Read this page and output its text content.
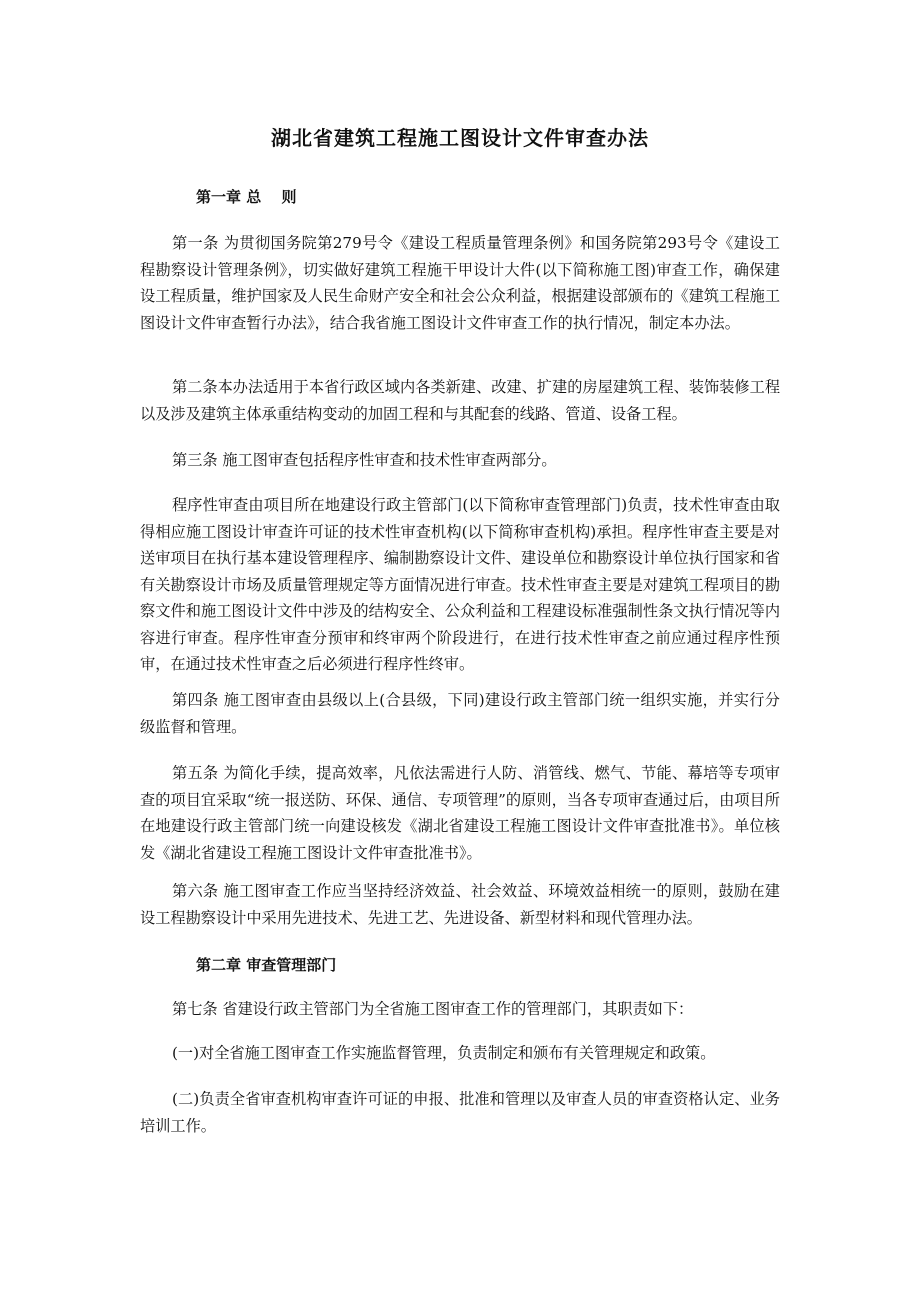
湖北省建筑工程施工图设计文件审查办法
第一章 总　 则

第一条 为贯彻国务院第279号令《建设工程质量管理条例》和国务院第293号令《建设工程勘察设计管理条例》，切实做好建筑工程施干甲设计大件(以下简称施工图)审查工作，确保建设工程质量，维护国家及人民生命财产安全和社会公众利益，根据建设部颁布的《建筑工程施工图设计文件审查暂行办法》，结合我省施工图设计文件审查工作的执行情况，制定本办法。

第二条本办法适用于本省行政区域内各类新建、改建、扩建的房屋建筑工程、装饰装修工程以及涉及建筑主体承重结构变动的加固工程和与其配套的线路、管道、设备工程。

第三条 施工图审查包括程序性审查和技术性审查两部分。

程序性审查由项目所在地建设行政主管部门(以下简称审查管理部门)负责，技术性审查由取得相应施工图设计审查许可证的技术性审查机构(以下简称审查机构)承担。程序性审查主要是对送审项目在执行基本建设管理程序、编制勘察设计文件、建设单位和勘察设计单位执行国家和省有关勘察设计市场及质量管理规定等方面情况进行审查。技术性审查主要是对建筑工程项目的勘察文件和施工图设计文件中涉及的结构安全、公众利益和工程建设标准强制性条文执行情况等内容进行审查。程序性审查分预审和终审两个阶段进行，在进行技术性审查之前应通过程序性预审，在通过技术性审查之后必须进行程序性终审。

第四条 施工图审查由县级以上(合县级，下同)建设行政主管部门统一组织实施，并实行分级监督和管理。

第五条 为简化手续，提高效率，凡依法需进行人防、消管线、燃气、节能、幕培等专项审查的项目宜采取“统一报送防、环保、通信、专项管理”的原则，当各专项审查通过后，由项目所在地建设行政主管部门统一向建设核发《湖北省建设工程施工图设计文件审查批准书》。单位核发《湖北省建设工程施工图设计文件审查批准书》。

第六条 施工图审查工作应当坚持经济效益、社会效益、环境效益相统一的原则，鼓励在建设工程勘察设计中采用先进技术、先进工艺、先进设备、新型材料和现代管理办法。

第二章 审查管理部门

第七条 省建设行政主管部门为全省施工图审查工作的管理部门，其职责如下：

(一)对全省施工图审查工作实施监督管理，负责制定和颁布有关管理规定和政策。

(二)负责全省审查机构审查许可证的申报、批准和管理以及审查人员的审查资格认定、业务培训工作。
